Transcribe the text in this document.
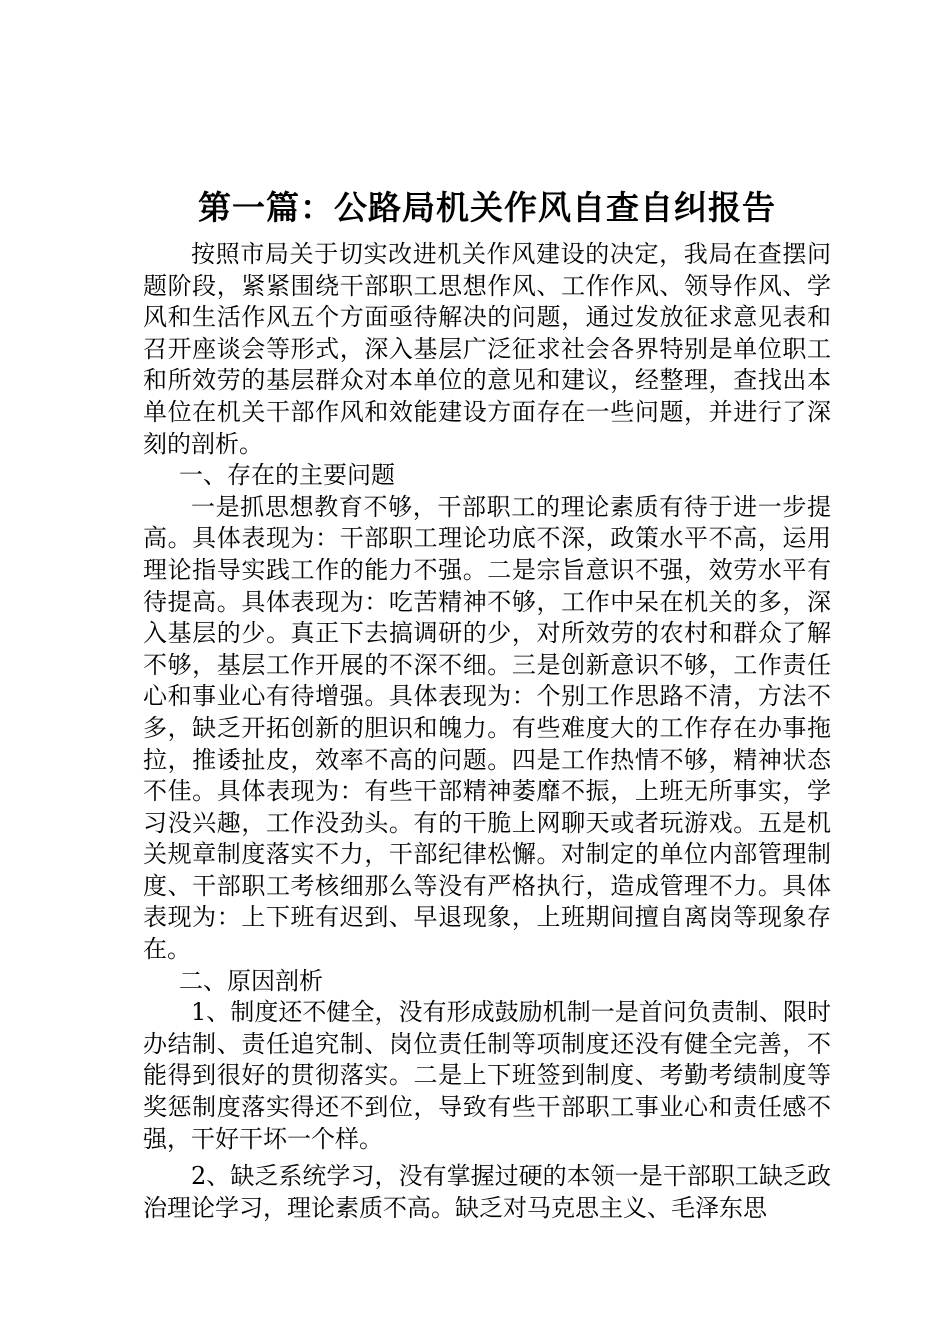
第一篇：公路局机关作风自查自纠报告

按照市局关于切实改进机关作风建设的决定，我局在查摆问题阶段，紧紧围绕干部职工思想作风、工作作风、领导作风、学风和生活作风五个方面亟待解决的问题，通过发放征求意见表和召开座谈会等形式，深入基层广泛征求社会各界特别是单位职工和所效劳的基层群众对本单位的意见和建议，经整理，查找出本单位在机关干部作风和效能建设方面存在一些问题，并进行了深刻的剖析。

一、存在的主要问题

一是抓思想教育不够，干部职工的理论素质有待于进一步提高。具体表现为：干部职工理论功底不深，政策水平不高，运用理论指导实践工作的能力不强。二是宗旨意识不强，效劳水平有待提高。具体表现为：吃苦精神不够，工作中呆在机关的多，深入基层的少。真正下去搞调研的少，对所效劳的农村和群众了解不够，基层工作开展的不深不细。三是创新意识不够，工作责任心和事业心有待增强。具体表现为：个别工作思路不清，方法不多，缺乏开拓创新的胆识和魄力。有些难度大的工作存在办事拖拉，推诿扯皮，效率不高的问题。四是工作热情不够，精神状态不佳。具体表现为：有些干部精神萎靡不振，上班无所事实，学习没兴趣，工作没劲头。有的干脆上网聊天或者玩游戏。五是机关规章制度落实不力，干部纪律松懈。对制定的单位内部管理制度、干部职工考核细那么等没有严格执行，造成管理不力。具体表现为：上下班有迟到、早退现象，上班期间擅自离岗等现象存在。

二、原因剖析

1、制度还不健全，没有形成鼓励机制一是首问负责制、限时办结制、责任追究制、岗位责任制等项制度还没有健全完善，不能得到很好的贯彻落实。二是上下班签到制度、考勤考绩制度等奖惩制度落实得还不到位，导致有些干部职工事业心和责任感不强，干好干坏一个样。

2、缺乏系统学习，没有掌握过硬的本领一是干部职工缺乏政治理论学习，理论素质不高。缺乏对马克思主义、毛泽东思
